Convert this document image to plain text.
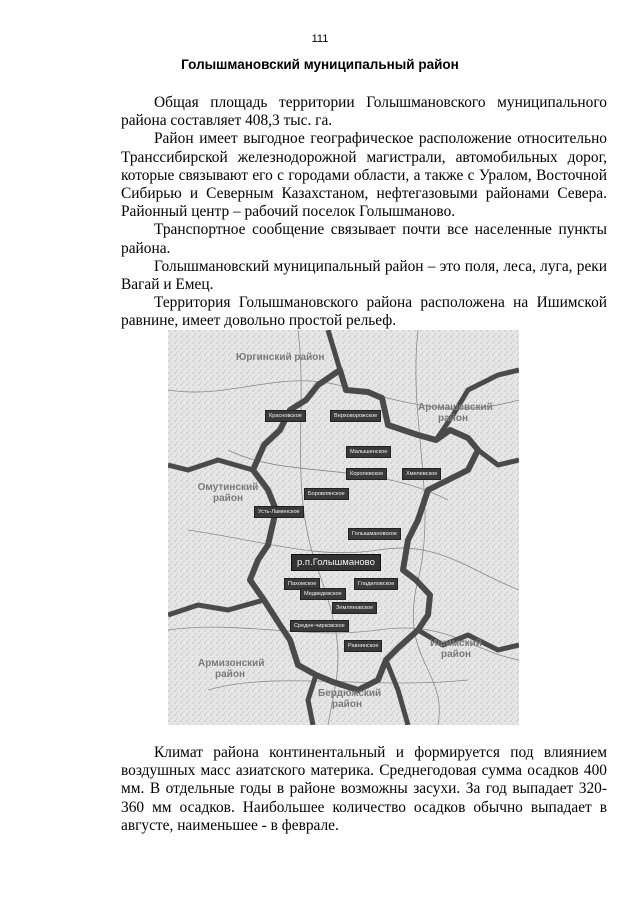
111
Голышмановский муниципальный район

Общая площадь территории Голышмановского муниципального района составляет 408,3 тыс. га.

Район имеет выгодное географическое расположение относительно Транссибирской железнодорожной магистрали, автомобильных дорог, которые связывают его с городами области, а также с Уралом, Восточной Сибирью и Северным Казахстаном, нефтегазовыми районами Севера. Районный центр – рабочий поселок Голышманово.

Транспортное сообщение связывает почти все населенные пункты района.

Голышмановский муниципальный район – это поля, леса, луга, реки Вагай и Емец.

Территория Голышмановского района расположена на Ишимской равнине, имеет довольно простой рельеф.

Юргинский район
Аромашевский район
Омутинский район
Армизонский район
Ишимский район
Бердюжский район
Красновское	Верховорожское
Малышенское
Королевское	Хмелевское
Боровлянское
Усть-Ламенское
Голышмановское
р.п.Голышманово
Пахомское	Гладиловское
Медведевское
Земляновское
Средне-чирковское
Равнинское

Климат района континентальный и формируется под влиянием воздушных масс азиатского материка. Среднегодовая сумма осадков 400 мм. В отдельные годы в районе возможны засухи. За год выпадает 320-360 мм осадков. Наибольшее количество осадков обычно выпадает в августе, наименьшее - в феврале.
